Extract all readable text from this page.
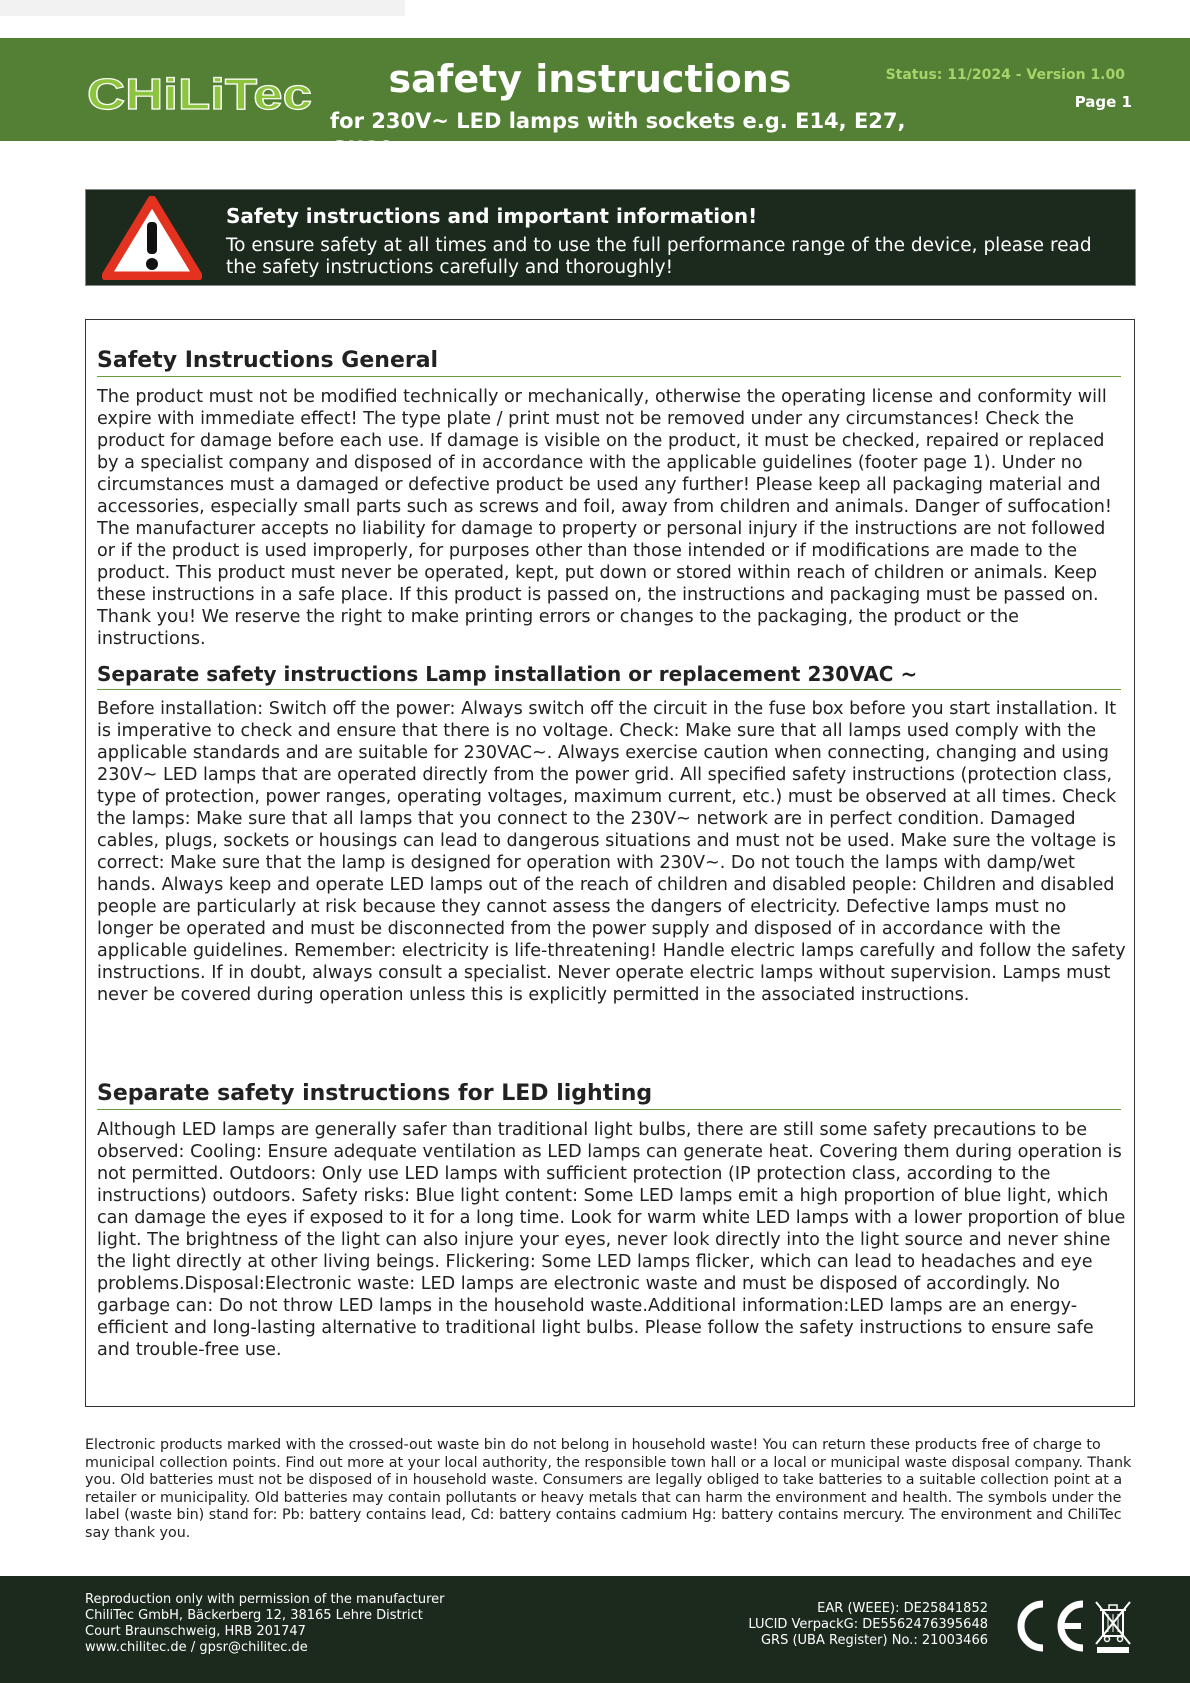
CHiLiTec	safety instructions
for 230V~ LED lamps with sockets e.g. E14, E27, GU10
Status: 11/2024 - Version 1.00
Page 1
Safety instructions and important information!
To ensure safety at all times and to use the full performance range of the device, please read the safety instructions carefully and thoroughly!
Safety Instructions General
The product must not be modified technically or mechanically, otherwise the operating license and conformity will expire with immediate effect! The type plate / print must not be removed under any circumstances! Check the product for damage before each use. If damage is visible on the product, it must be checked, repaired or replaced by a specialist company and disposed of in accordance with the applicable guidelines (footer page 1). Under no circumstances must a damaged or defective product be used any further! Please keep all packaging material and accessories, especially small parts such as screws and foil, away from children and animals. Danger of suffocation! The manufacturer accepts no liability for damage to property or personal injury if the instructions are not followed or if the product is used improperly, for purposes other than those intended or if modifications are made to the product. This product must never be operated, kept, put down or stored within reach of children or animals. Keep these instructions in a safe place. If this product is passed on, the instructions and packaging must be passed on. Thank you! We reserve the right to make printing errors or changes to the packaging, the product or the instructions.
Separate safety instructions Lamp installation or replacement 230VAC ~
Before installation: Switch off the power: Always switch off the circuit in the fuse box before you start installation. It is imperative to check and ensure that there is no voltage. Check: Make sure that all lamps used comply with the applicable standards and are suitable for 230VAC~. Always exercise caution when connecting, changing and using 230V~ LED lamps that are operated directly from the power grid. All specified safety instructions (protection class, type of protection, power ranges, operating voltages, maximum current, etc.) must be observed at all times. Check the lamps: Make sure that all lamps that you connect to the 230V~ network are in perfect condition. Damaged cables, plugs, sockets or housings can lead to dangerous situations and must not be used. Make sure the voltage is correct: Make sure that the lamp is designed for operation with 230V~. Do not touch the lamps with damp/wet hands. Always keep and operate LED lamps out of the reach of children and disabled people: Children and disabled people are particularly at risk because they cannot assess the dangers of electricity. Defective lamps must no longer be operated and must be disconnected from the power supply and disposed of in accordance with the applicable guidelines. Remember: electricity is life-threatening! Handle electric lamps carefully and follow the safety instructions. If in doubt, always consult a specialist. Never operate electric lamps without supervision. Lamps must never be covered during operation unless this is explicitly permitted in the associated instructions.
Separate safety instructions for LED lighting
Although LED lamps are generally safer than traditional light bulbs, there are still some safety precautions to be observed: Cooling: Ensure adequate ventilation as LED lamps can generate heat. Covering them during operation is not permitted. Outdoors: Only use LED lamps with sufficient protection (IP protection class, according to the instructions) outdoors. Safety risks: Blue light content: Some LED lamps emit a high proportion of blue light, which can damage the eyes if exposed to it for a long time. Look for warm white LED lamps with a lower proportion of blue light. The brightness of the light can also injure your eyes, never look directly into the light source and never shine the light directly at other living beings. Flickering: Some LED lamps flicker, which can lead to headaches and eye problems.Disposal:Electronic waste: LED lamps are electronic waste and must be disposed of accordingly. No garbage can: Do not throw LED lamps in the household waste.Additional information:LED lamps are an energy-efficient and long-lasting alternative to traditional light bulbs. Please follow the safety instructions to ensure safe and trouble-free use.
Electronic products marked with the crossed-out waste bin do not belong in household waste! You can return these products free of charge to municipal collection points. Find out more at your local authority, the responsible town hall or a local or municipal waste disposal company. Thank you. Old batteries must not be disposed of in household waste. Consumers are legally obliged to take batteries to a suitable collection point at a retailer or municipality. Old batteries may contain pollutants or heavy metals that can harm the environment and health. The symbols under the label (waste bin) stand for: Pb: battery contains lead, Cd: battery contains cadmium Hg: battery contains mercury. The environment and ChiliTec say thank you.
Reproduction only with permission of the manufacturer
ChiliTec GmbH, Bäckerberg 12, 38165 Lehre District
Court Braunschweig, HRB 201747
www.chilitec.de / gpsr@chilitec.de
EAR (WEEE): DE25841852
LUCID VerpackG: DE5562476395648
GRS (UBA Register) No.: 21003466
